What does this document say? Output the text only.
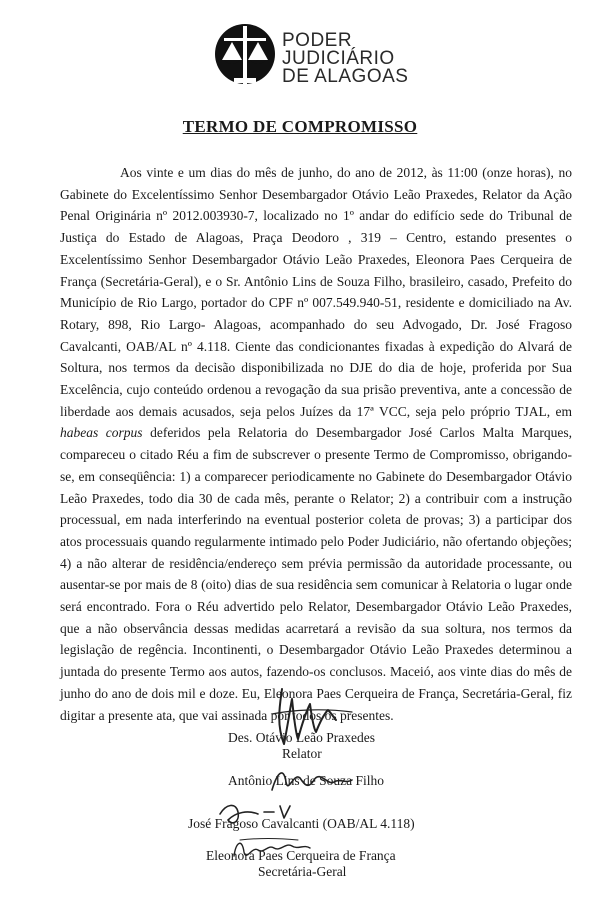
PODER
JUDICIÁRIO
DE ALAGOAS
TERMO DE COMPROMISSO

Aos vinte e um dias do mês de junho, do ano de 2012, às 11:00 (onze horas), no Gabinete do Excelentíssimo Senhor Desembargador Otávio Leão Praxedes, Relator da Ação Penal Originária nº 2012.003930-7, localizado no 1º andar do edifício sede do Tribunal de Justiça do Estado de Alagoas, Praça Deodoro , 319 – Centro, estando presentes o Excelentíssimo Senhor Desembargador Otávio Leão Praxedes, Eleonora Paes Cerqueira de França (Secretária-Geral), e o Sr. Antônio Lins de Souza Filho, brasileiro, casado, Prefeito do Município de Rio Largo, portador do CPF nº 007.549.940-51, residente e domiciliado na Av. Rotary, 898, Rio Largo- Alagoas, acompanhado do seu Advogado, Dr. José Fragoso Cavalcanti, OAB/AL nº 4.118. Ciente das condicionantes fixadas à expedição do Alvará de Soltura, nos termos da decisão disponibilizada no DJE do dia de hoje, proferida por Sua Excelência, cujo conteúdo ordenou a revogação da sua prisão preventiva, ante a concessão de liberdade aos demais acusados, seja pelos Juízes da 17ª VCC, seja pelo próprio TJAL, em habeas corpus deferidos pela Relatoria do Desembargador José Carlos Malta Marques, compareceu o citado Réu a fim de subscrever o presente Termo de Compromisso, obrigando-se, em conseqüência: 1) a comparecer periodicamente no Gabinete do Desembargador Otávio Leão Praxedes, todo dia 30 de cada mês, perante o Relator; 2) a contribuir com a instrução processual, em nada interferindo na eventual posterior coleta de provas; 3) a participar dos atos processuais quando regularmente intimado pelo Poder Judiciário, não ofertando objeções; 4) a não alterar de residência/endereço sem prévia permissão da autoridade processante, ou ausentar-se por mais de 8 (oito) dias de sua residência sem comunicar à Relatoria o lugar onde será encontrado. Fora o Réu advertido pelo Relator, Desembargador Otávio Leão Praxedes, que a não observância dessas medidas acarretará a revisão da sua soltura, nos termos da legislação de regência. Incontinenti, o Desembargador Otávio Leão Praxedes determinou a juntada do presente Termo aos autos, fazendo-os conclusos. Maceió, aos vinte dias do mês de junho do ano de dois mil e doze. Eu, Eleonora Paes Cerqueira de França, Secretária-Geral, fiz digitar a presente ata, que vai assinada por todos os presentes.

Des. Otávio Leão Praxedes
Relator
Antônio Lins de Souza Filho
José Fragoso Cavalcanti (OAB/AL 4.118)
Eleonora Paes Cerqueira de França
Secretária-Geral
